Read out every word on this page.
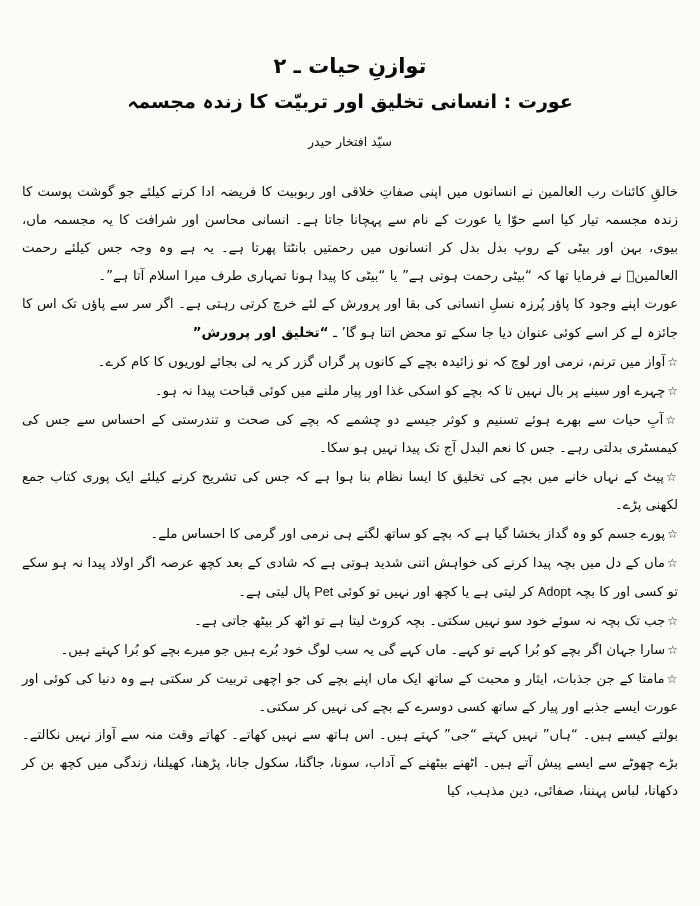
توازنِ حیات ـ ۲
عورت : انسانی تخلیق اور تربیّت کا زندہ مجسمہ
سیّد افتخار حیدر

خالقِ کائنات رب العالمین نے انسانوں میں اپنی صفاتِ خلاقی اور ربوبیت کا فریضہ ادا کرنے کیلئے جو گوشت پوست کا زندہ مجسمہ تیار کیا اسے حوّا یا عورت کے نام سے پہچانا جاتا ہے۔ انسانی محاسن اور شرافت کا یہ مجسمہ ماں، بیوی، بہن اور بیٹی کے روپ بدل بدل کر انسانوں میں رحمتیں بانٹتا پھرتا ہے۔ یہ ہے وہ وجہ جس کیلئے رحمت العالمینؐ نے فرمایا تھا کہ “بیٹی رحمت ہوتی ہے” یا “بیٹی کا پیدا ہونا تمہاری طرف میرا اسلام آتا ہے”۔

عورت اپنے وجود کا پاؤر پُرزہ نسلِ انسانی کی بقا اور پرورش کے لئے خرچ کرتی رہتی ہے۔ اگر سر سے پاؤں تک اس کا جائزہ لے کر اسے کوئی عنوان دیا جا سکے تو محض اتنا ہو گا’ ـ “تخلیق اور پرورش”

☆آواز میں ترنم، نرمی اور لوچ کہ نو زائیدہ بچے کے کانوں پر گراں گزر کر یہ لی بجائے لوریوں کا کام کرے۔
☆چہرے اور سینے پر بال نہیں تا کہ بچے کو اسکی غذا اور پیار ملنے میں کوئی قباحت پیدا نہ ہو۔
☆آبِ حیات سے بھرے ہوئے تسنیم و کوثر جیسے دو چشمے کہ بچے کی صحت و تندرستی کے احساس سے جس کی کیمسٹری بدلتی رہے۔ جس کا نعم البدل آج تک پیدا نہیں ہو سکا۔
☆پیٹ کے نہاں خانے میں بچے کی تخلیق کا ایسا نظام بنا ہوا ہے کہ جس کی تشریح کرنے کیلئے ایک پوری کتاب جمع لکھنی پڑے۔
☆پورے جسم کو وہ گداز بخشا گیا ہے کہ بچے کو ساتھ لگتے ہی نرمی اور گرمی کا احساس ملے۔
☆ماں کے دل میں بچہ پیدا کرنے کی خواہش اتنی شدید ہوتی ہے کہ شادی کے بعد کچھ عرصہ اگر اولاد پیدا نہ ہو سکے تو کسی اور کا بچہ Adopt کر لیتی ہے یا کچھ اور نہیں تو کوئی Pet پال لیتی ہے۔
☆جب تک بچہ نہ سوئے خود سو نہیں سکتی۔ بچہ کروٹ لیتا ہے تو اٹھ کر بیٹھ جاتی ہے۔
☆سارا جہان اگر بچے کو بُرا کہے تو کہے۔ ماں کہے گی یہ سب لوگ خود بُرے ہیں جو میرے بچے کو بُرا کہتے ہیں۔
☆مامتا کے جن جذبات، ایثار و محبت کے ساتھ ایک ماں اپنے بچے کی جو اچھی تربیت کر سکتی ہے وہ دنیا کی کوئی اور عورت ایسے جذبے اور پیار کے ساتھ کسی دوسرے کے بچے کی نہیں کر سکتی۔

بولتے کیسے ہیں۔ “ہاں” نہیں کہتے “جی” کہتے ہیں۔ اس ہاتھ سے نہیں کھاتے۔ کھاتے وقت منہ سے آواز نہیں نکالتے۔ بڑے چھوٹے سے ایسے پیش آتے ہیں۔ اٹھنے بیٹھنے کے آداب، سونا، جاگنا، سکول جانا، پڑھنا، کھیلنا، زندگی میں کچھ بن کر دکھانا، لباس پہننا، صفائی، دین مذہب، کیا
